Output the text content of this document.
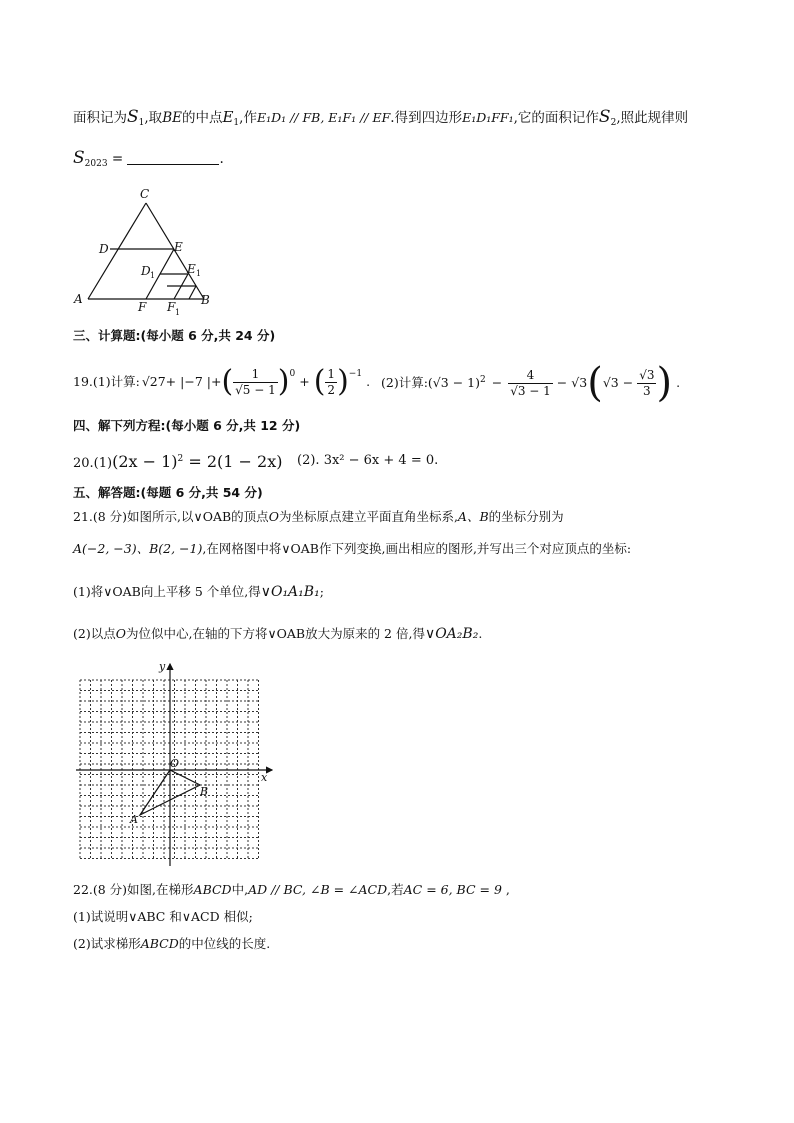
面积记为$S_1$,取BE的中点$E_1$,作E₁D₁ // FB, E₁F₁ // EF.得到四边形E₁D₁FF₁,它的面积记作$S_2$,照此规律则
$S_{2023}$ =	.
C
D	E
D 1	E 1
A
F F 1
B
三、计算题:(每小题 6 分,共 24 分)
19.(1)计算: √27+ |−7 |+ ( $\frac{1}{√5 - 1}$ ) 0 + ( $\frac{1}{2}$ ) −1 . (2)计算: (√3 − 1) $2 - \frac{4}{√3 - 1} - √3$ ( $√3 - \frac{√3}{3}$ ) .
四、解下列方程:(每小题 6 分,共 12 分)
$20.(1)(2x - 1)^2 = 2(1 - 2x)$ (2). 3x² − 6x + 4 = 0.
五、解答题:(每题 6 分,共 54 分)
21.(8 分)如图所示,以∨OAB的顶点O为坐标原点建立平面直角坐标系,A、B的坐标分别为
A(−2, −3)、B(2, −1),在网格图中将∨OAB作下列变换,画出相应的图形,并写出三个对应顶点的坐标:
(1)将∨OAB向上平移 5 个单位,得∨O₁A₁B₁;
(2)以点O为位似中心,在轴的下方将∨OAB放大为原来的 2 倍,得∨OA₂B₂.
y
x
O
A
B
22.(8 分)如图,在梯形ABCD中,AD // BC, ∠B = ∠ACD,若AC = 6, BC = 9 ,
(1)试说明∨ABC 和∨ACD 相似;
(2)试求梯形ABCD的中位线的长度.
